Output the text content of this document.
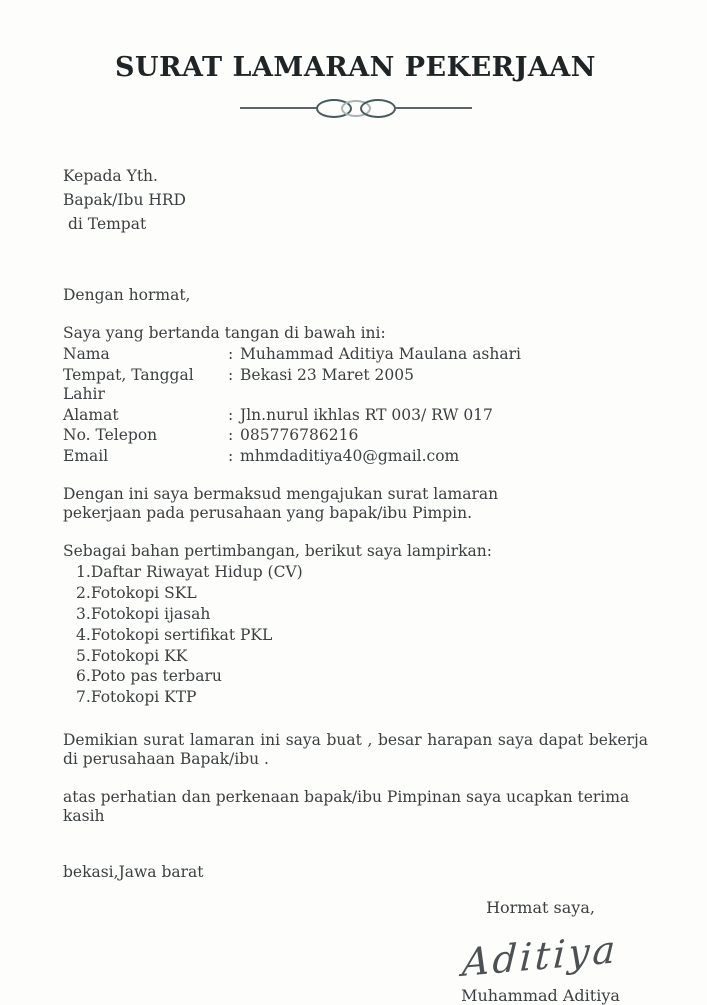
SURAT LAMARAN PEKERJAAN
Kepada Yth.
Bapak/Ibu HRD
di Tempat
Dengan hormat,
Saya yang bertanda tangan di bawah ini:
Nama	: Muhammad Aditiya Maulana ashari
Tempat, Tanggal Lahir
: Bekasi 23 Maret 2005
Alamat	: Jln.nurul ikhlas RT 003/ RW 017
No. Telepon	: 085776786216
Email	: mhmdaditiya40@gmail.com

Dengan ini saya bermaksud mengajukan surat lamaran pekerjaan pada perusahaan yang bapak/ibu Pimpin.

Sebagai bahan pertimbangan, berikut saya lampirkan:
Daftar Riwayat Hidup (CV)
Fotokopi SKL
Fotokopi ijasah
Fotokopi sertifikat PKL
Fotokopi KK
Poto pas terbaru
Fotokopi KTP

Demikian surat lamaran ini saya buat , besar harapan saya dapat bekerja di perusahaan Bapak/ibu .

atas perhatian dan perkenaan bapak/ibu Pimpinan saya ucapkan terima kasih

bekasi,Jawa barat
Hormat saya,
Aditiya
Muhammad Aditiya
